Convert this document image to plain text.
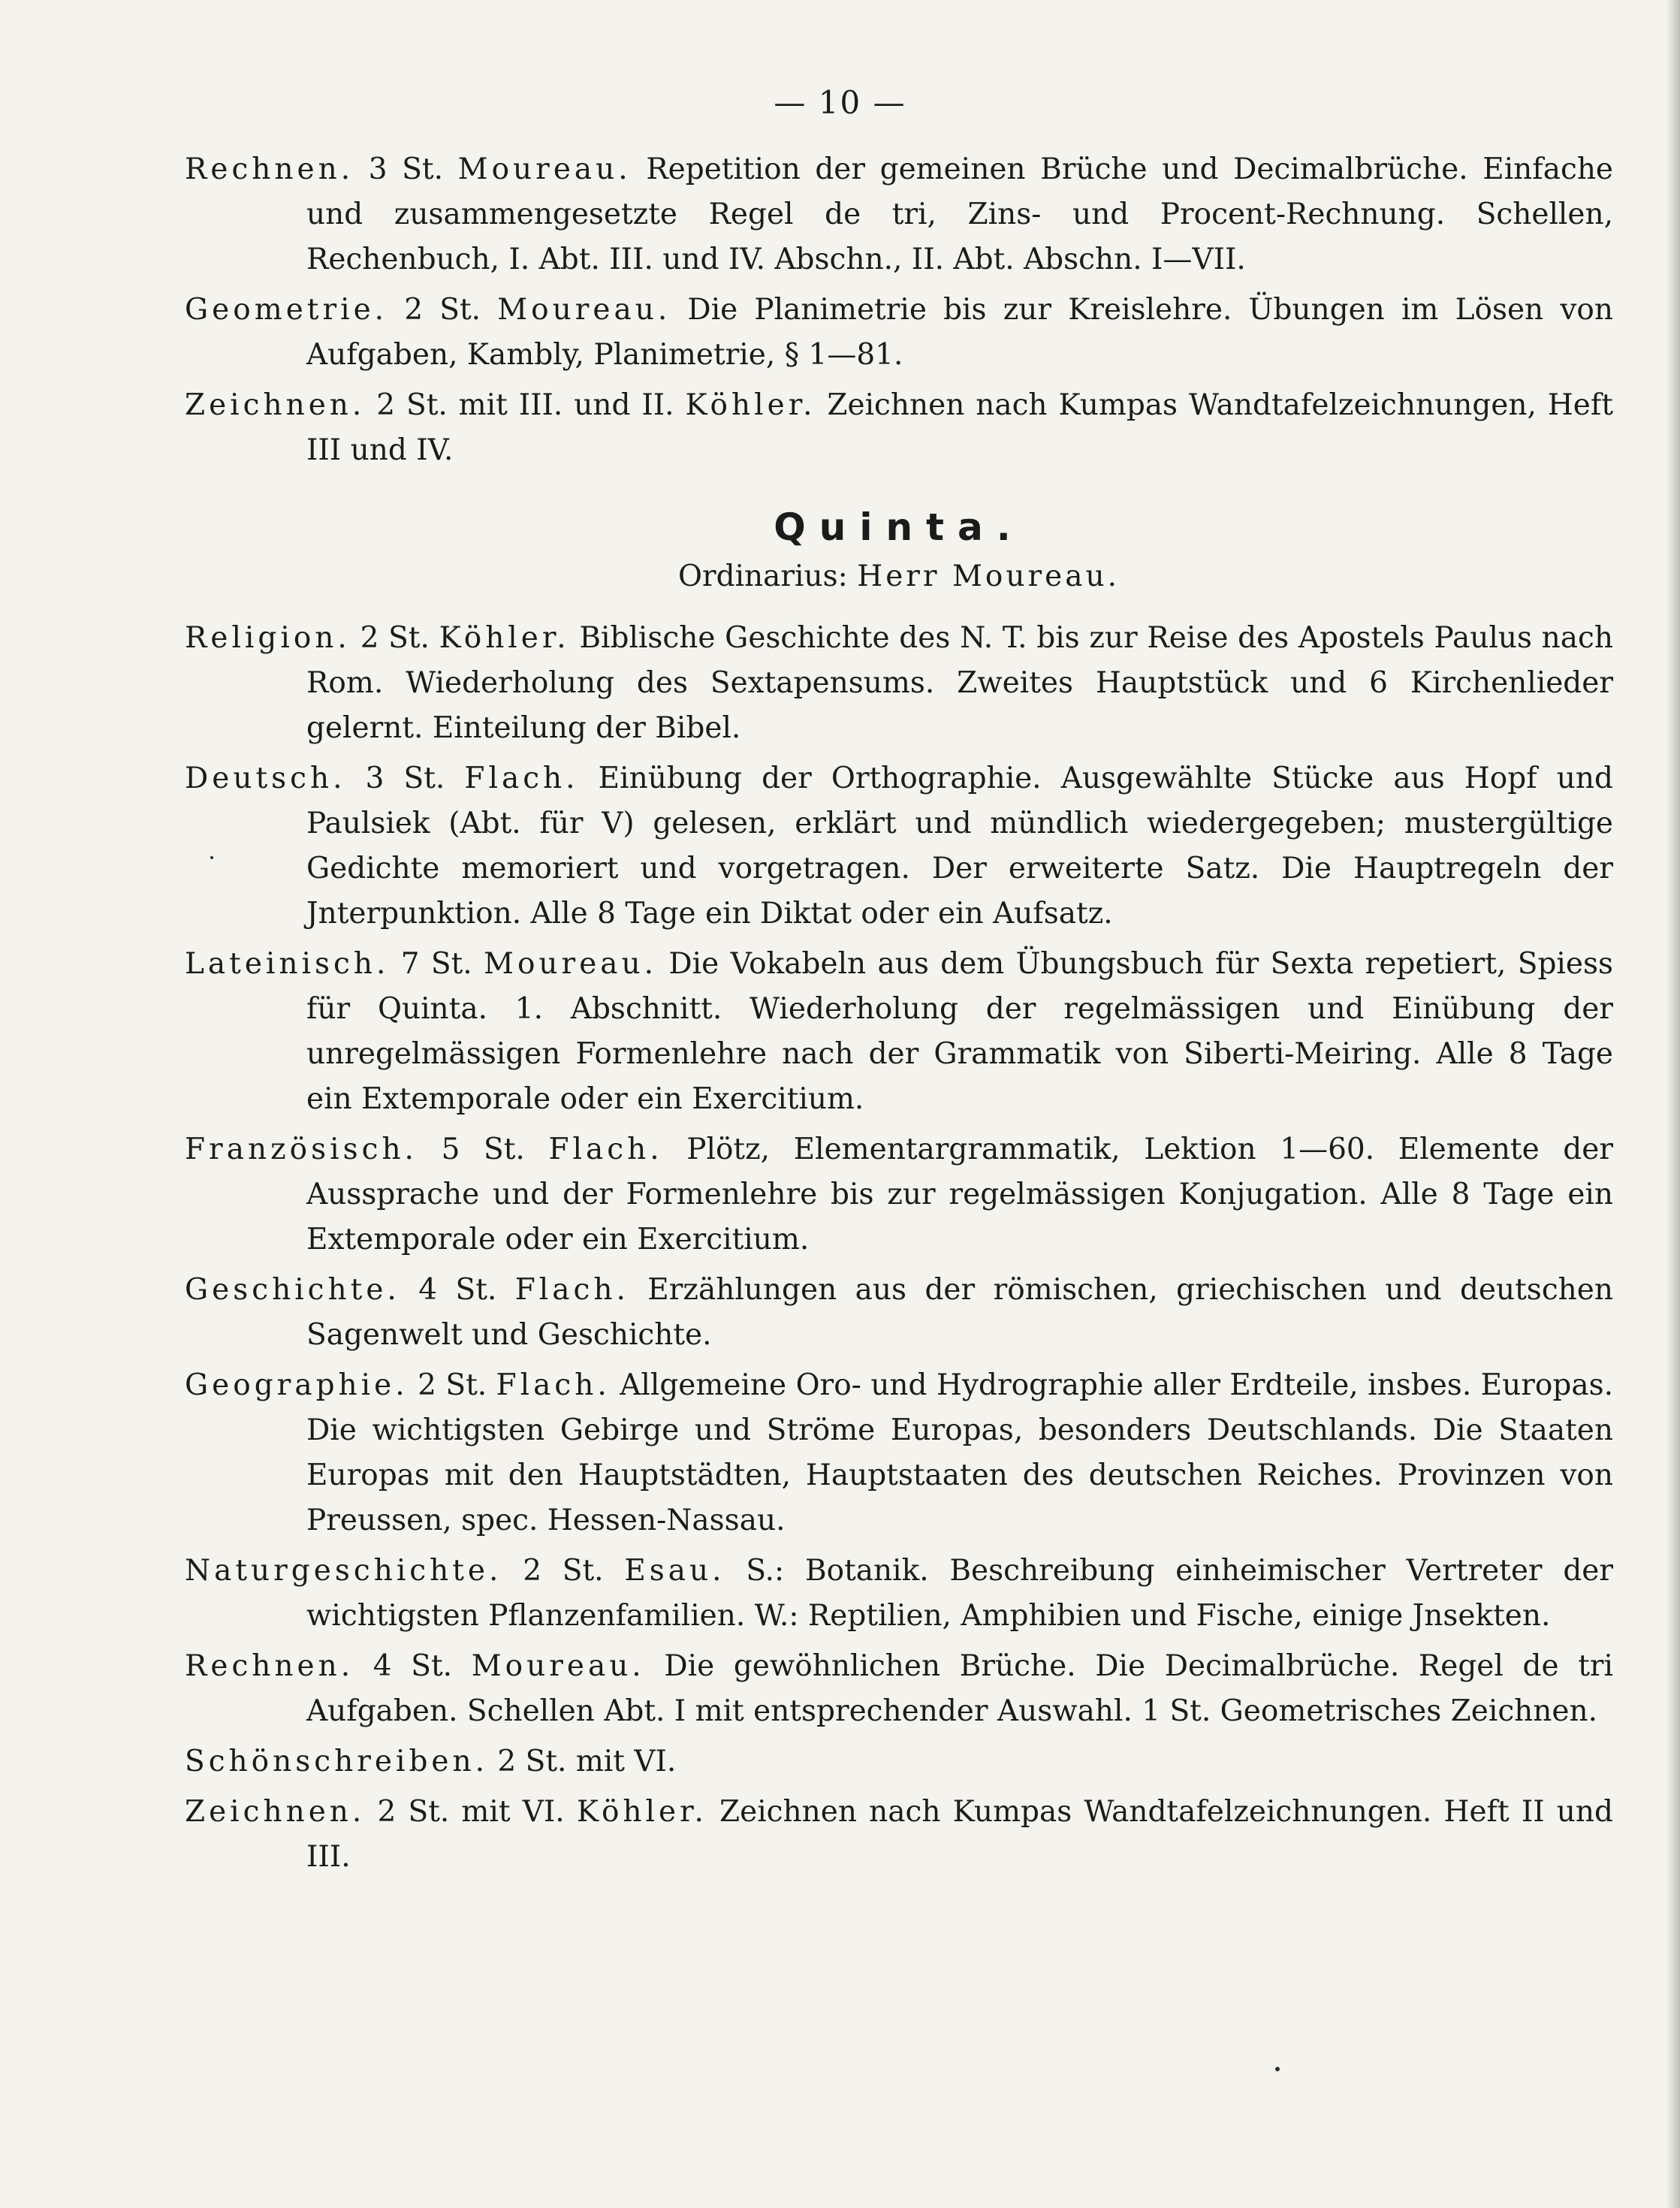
— 10 —
Rechnen. 3 St. Moureau. Repetition der gemeinen Brüche und Decimalbrüche. Einfache und zusammengesetzte Regel de tri, Zins- und Procent-Rechnung. Schellen, Rechenbuch, I. Abt. III. und IV. Abschn., II. Abt. Abschn. I—VII.
Geometrie. 2 St. Moureau. Die Planimetrie bis zur Kreislehre. Übungen im Lösen von Aufgaben, Kambly, Planimetrie, § 1—81.
Zeichnen. 2 St. mit III. und II. Köhler. Zeichnen nach Kumpas Wandtafelzeichnungen, Heft III und IV.
Quinta.
Ordinarius: Herr Moureau.
Religion. 2 St. Köhler. Biblische Geschichte des N. T. bis zur Reise des Apostels Paulus nach Rom. Wiederholung des Sextapensums. Zweites Hauptstück und 6 Kirchenlieder gelernt. Einteilung der Bibel.
Deutsch. 3 St. Flach. Einübung der Orthographie. Ausgewählte Stücke aus Hopf und Paulsiek (Abt. für V) gelesen, erklärt und mündlich wiedergegeben; mustergültige Gedichte memoriert und vorgetragen. Der erweiterte Satz. Die Hauptregeln der Jnterpunktion. Alle 8 Tage ein Diktat oder ein Aufsatz.
Lateinisch. 7 St. Moureau. Die Vokabeln aus dem Übungsbuch für Sexta repetiert, Spiess für Quinta. 1. Abschnitt. Wiederholung der regelmässigen und Einübung der unregelmässigen Formenlehre nach der Grammatik von Siberti-Meiring. Alle 8 Tage ein Extemporale oder ein Exercitium.
Französisch. 5 St. Flach. Plötz, Elementargrammatik, Lektion 1—60. Elemente der Aussprache und der Formenlehre bis zur regelmässigen Konjugation. Alle 8 Tage ein Extemporale oder ein Exercitium.
Geschichte. 4 St. Flach. Erzählungen aus der römischen, griechischen und deutschen Sagenwelt und Geschichte.
Geographie. 2 St. Flach. Allgemeine Oro- und Hydrographie aller Erdteile, insbes. Europas. Die wichtigsten Gebirge und Ströme Europas, besonders Deutschlands. Die Staaten Europas mit den Hauptstädten, Hauptstaaten des deutschen Reiches. Provinzen von Preussen, spec. Hessen-Nassau.
Naturgeschichte. 2 St. Esau. S.: Botanik. Beschreibung einheimischer Vertreter der wichtigsten Pflanzenfamilien. W.: Reptilien, Amphibien und Fische, einige Jnsekten.
Rechnen. 4 St. Moureau. Die gewöhnlichen Brüche. Die Decimalbrüche. Regel de tri Aufgaben. Schellen Abt. I mit entsprechender Auswahl. 1 St. Geometrisches Zeichnen.
Schönschreiben. 2 St. mit VI.
Zeichnen. 2 St. mit VI. Köhler. Zeichnen nach Kumpas Wandtafelzeichnungen. Heft II und III.
